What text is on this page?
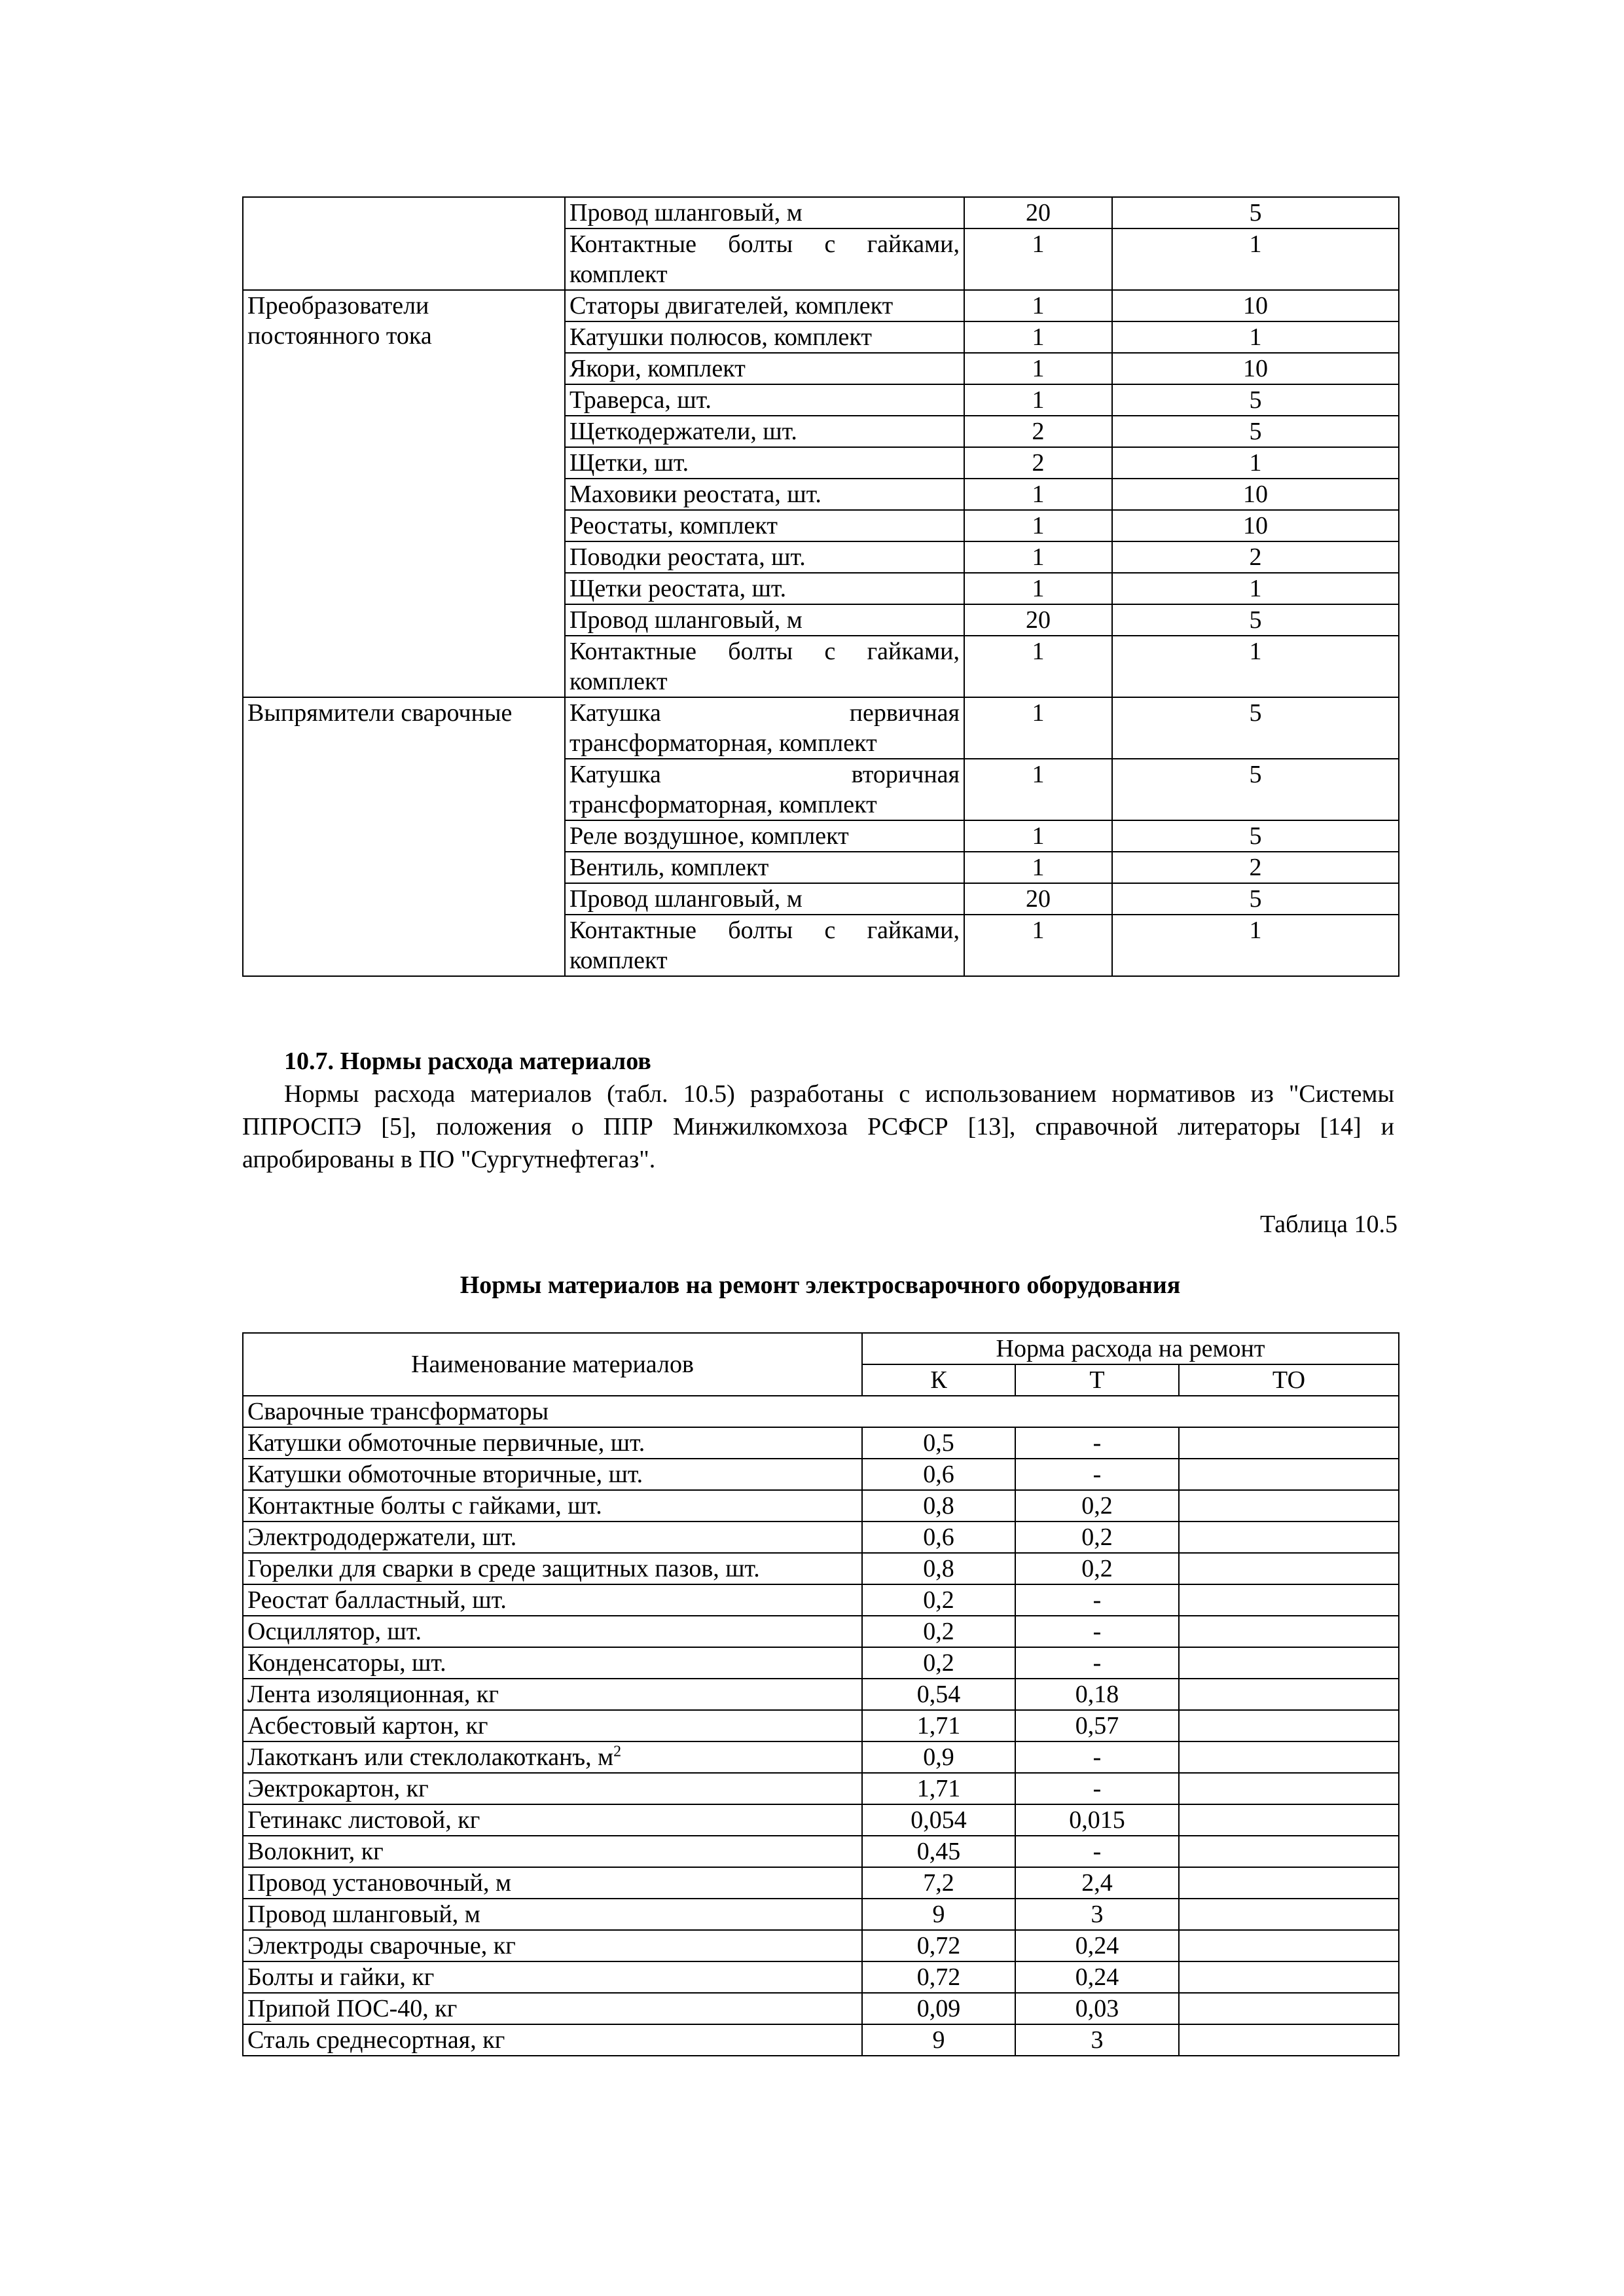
	Провод шланговый, м	20	5
	Контактные болты с гайками, комплект	1	1
Преобразователи постоянного тока	Статоры двигателей, комплект	1	10
	Катушки полюсов, комплект	1	1
	Якори, комплект	1	10
	Траверса, шт.	1	5
	Щеткодержатели, шт.	2	5
	Щетки, шт.	2	1
	Маховики реостата, шт.	1	10
	Реостаты, комплект	1	10
	Поводки реостата, шт.	1	2
	Щетки реостата, шт.	1	1
	Провод шланговый, м	20	5
	Контактные болты с гайками, комплект	1	1
Выпрямители сварочные	Катушка первичная трансформаторная, комплект	1	5
	Катушка вторичная трансформаторная, комплект	1	5
	Реле воздушное, комплект	1	5
	Вентиль, комплект	1	2
	Провод шланговый, м	20	5
	Контактные болты с гайками, комплект	1	1
10.7. Нормы расхода материалов
Нормы расхода материалов (табл. 10.5) разработаны с использованием нормативов из "Системы ППРОСПЭ [5], положения о ППР Минжилкомхоза РСФСР [13], справочной литераторы [14] и апробированы в ПО "Сургутнефтегаз".
Таблица 10.5
Нормы материалов на ремонт электросварочного оборудования
Наименование материалов	Норма расхода на ремонт		
	К	Т	ТО
Сварочные трансформаторы			
Катушки обмоточные первичные, шт.	0,5	-	
Катушки обмоточные вторичные, шт.	0,6	-	
Контактные болты с гайками, шт.	0,8	0,2	
Электрододержатели, шт.	0,6	0,2	
Горелки для сварки в среде защитных пазов, шт.	0,8	0,2	
Реостат балластный, шт.	0,2	-	
Осциллятор, шт.	0,2	-	
Конденсаторы, шт.	0,2	-	
Лента изоляционная, кг	0,54	0,18	
Асбестовый картон, кг	1,71	0,57	
Лакотканъ или стеклолакотканъ, $м^2$	0,9	-	
Эектрокартон, кг	1,71	-	
Гетинакс листовой, кг	0,054	0,015	
Волокнит, кг	0,45	-	
Провод установочный, м	7,2	2,4	
Провод шланговый, м	9	3	
Электроды сварочные, кг	0,72	0,24	
Болты и гайки, кг	0,72	0,24	
Припой ПОС-40, кг	0,09	0,03	
Сталь среднесортная, кг	9	3	
